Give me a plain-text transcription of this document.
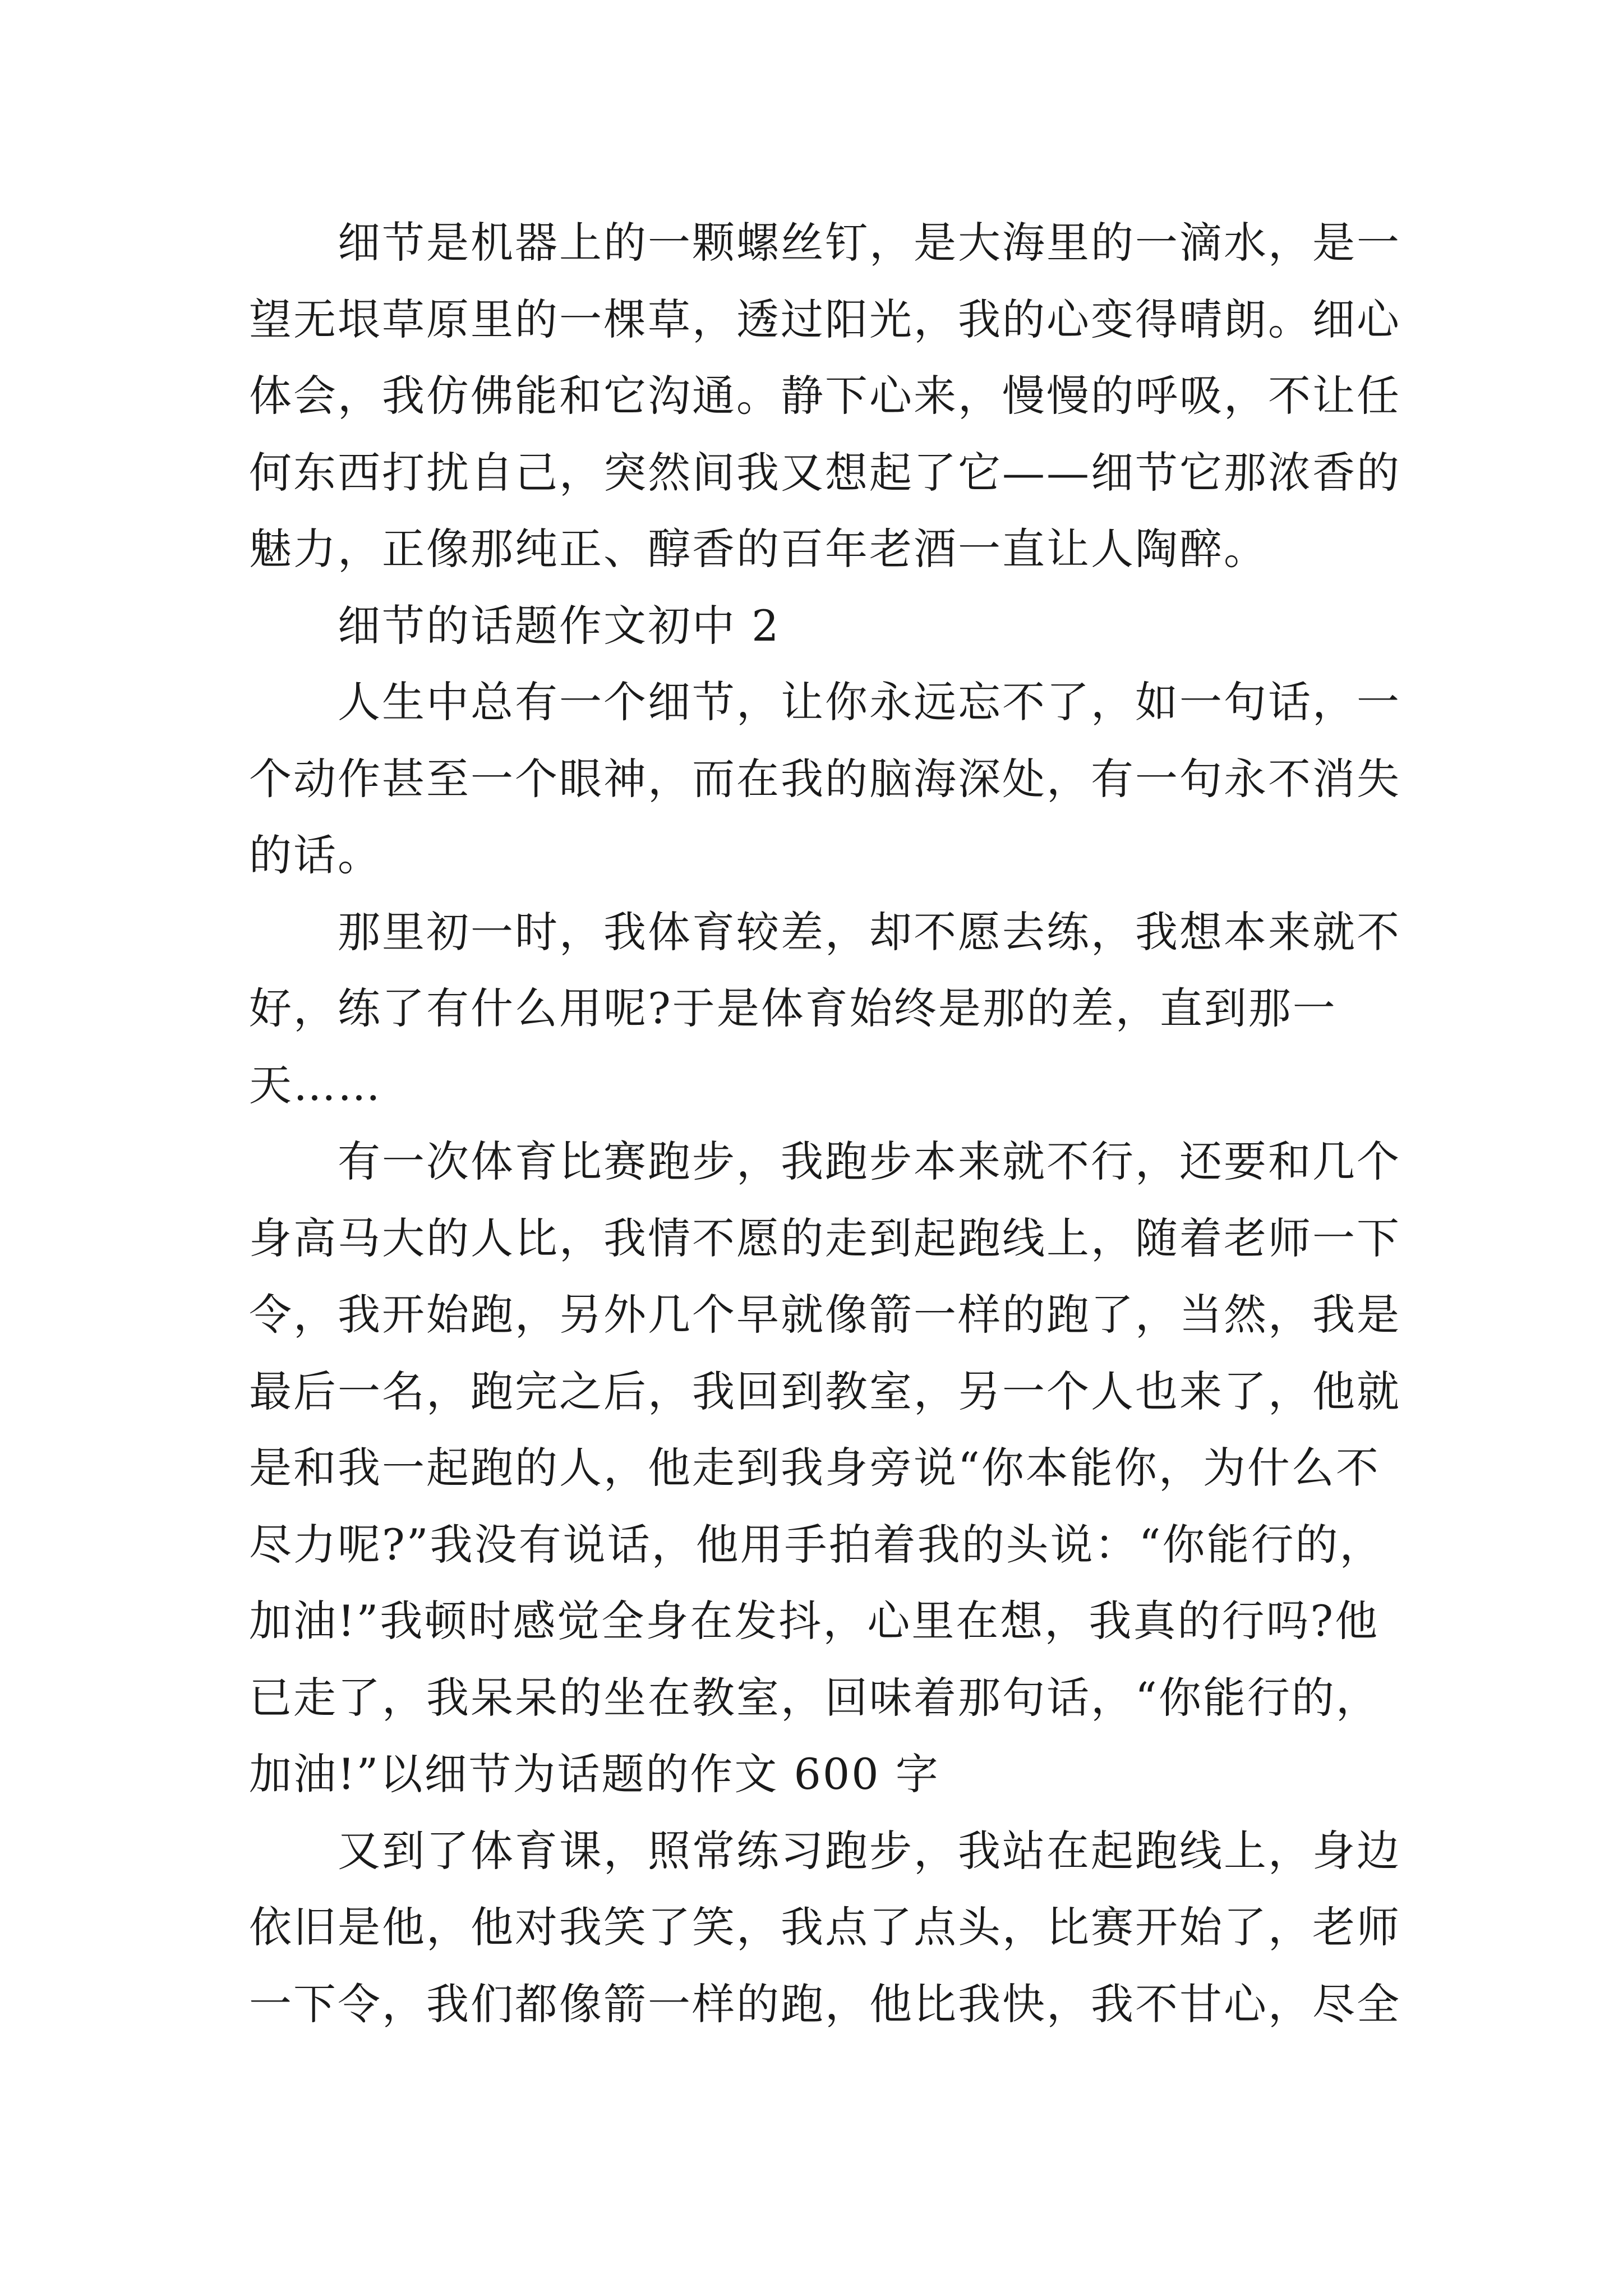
细节是机器上的一颗螺丝钉，是大海里的一滴水，是一
望无垠草原里的一棵草，透过阳光，我的心变得晴朗。细心
体会，我仿佛能和它沟通。静下心来，慢慢的呼吸，不让任
何东西打扰自己，突然间我又想起了它——细节它那浓香的
魅力，正像那纯正、醇香的百年老酒一直让人陶醉。
细节的话题作文初中 2
人生中总有一个细节，让你永远忘不了，如一句话，一
个动作甚至一个眼神，而在我的脑海深处，有一句永不消失
的话。
那里初一时，我体育较差，却不愿去练，我想本来就不
好，练了有什么用呢?于是体育始终是那的差，直到那一
天……
有一次体育比赛跑步，我跑步本来就不行，还要和几个
身高马大的人比，我情不愿的走到起跑线上，随着老师一下
令，我开始跑，另外几个早就像箭一样的跑了，当然，我是
最后一名，跑完之后，我回到教室，另一个人也来了，他就
是和我一起跑的人，他走到我身旁说“你本能你，为什么不
尽力呢?”我没有说话，他用手拍着我的头说：“你能行的，
加油!”我顿时感觉全身在发抖，心里在想，我真的行吗?他
已走了，我呆呆的坐在教室，回味着那句话，“你能行的，
加油!”以细节为话题的作文 600 字
又到了体育课，照常练习跑步，我站在起跑线上，身边
依旧是他，他对我笑了笑，我点了点头，比赛开始了，老师
一下令，我们都像箭一样的跑，他比我快，我不甘心，尽全
